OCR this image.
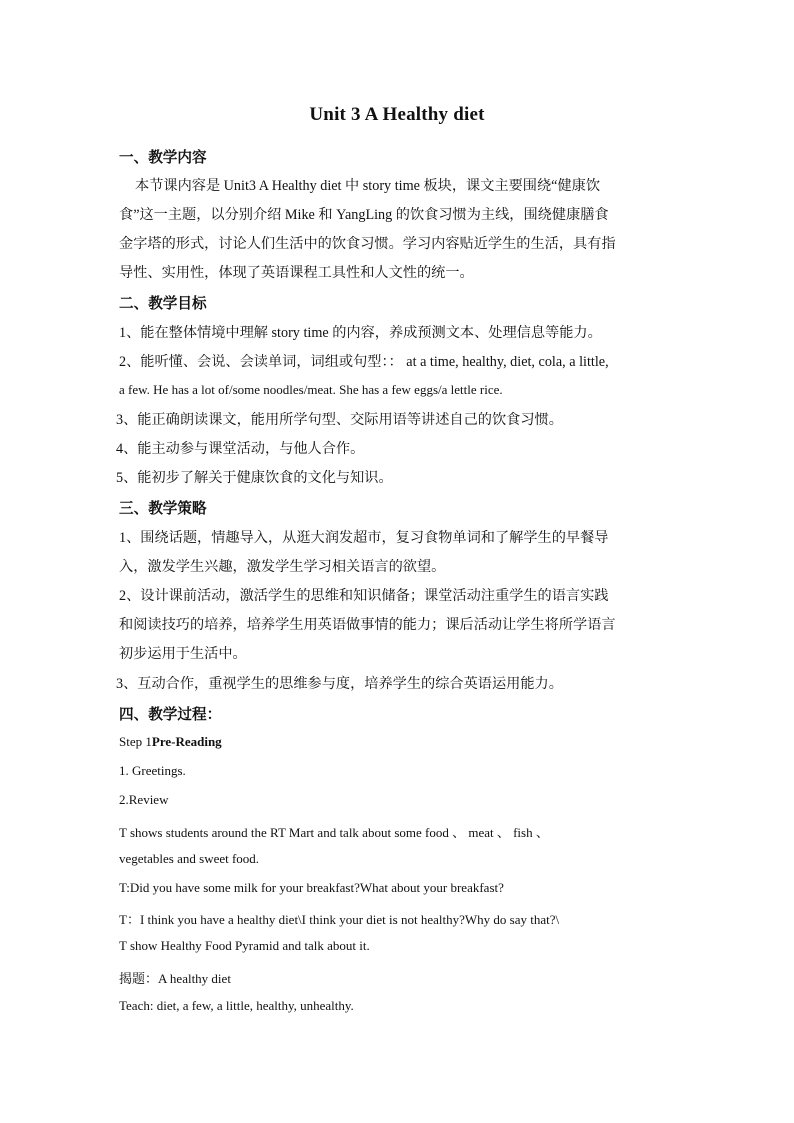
Unit 3 A Healthy diet
一、教学内容
本节课内容是 Unit3 A Healthy diet 中 story time 板块，课文主要围绕“健康饮
食”这一主题，以分别介绍 Mike 和 YangLing 的饮食习惯为主线，围绕健康膳食
金字塔的形式，讨论人们生活中的饮食习惯。学习内容贴近学生的生活，具有指
导性、实用性，体现了英语课程工具性和人文性的统一。
二、教学目标
1、能在整体情境中理解 story time 的内容，养成预测文本、处理信息等能力。
2、能听懂、会说、会读单词，词组或句型：： at a time, healthy, diet, cola, a little,
a few. He has a lot of/some noodles/meat. She has a few eggs/a lettle rice.
3、能正确朗读课文，能用所学句型、交际用语等讲述自己的饮食习惯。
4、能主动参与课堂活动，与他人合作。
5、能初步了解关于健康饮食的文化与知识。
三、教学策略
1、围绕话题，情趣导入，从逛大润发超市，复习食物单词和了解学生的早餐导
入，激发学生兴趣，激发学生学习相关语言的欲望。
2、设计课前活动，激活学生的思维和知识储备；课堂活动注重学生的语言实践
和阅读技巧的培养，培养学生用英语做事情的能力；课后活动让学生将所学语言
初步运用于生活中。
3、互动合作，重视学生的思维参与度，培养学生的综合英语运用能力。
四、教学过程：
Step 1Pre-Reading
1. Greetings.
2.Review
T shows students around the RT Mart and talk about some food 、 meat 、 fish 、
vegetables and sweet food.
T:Did you have some milk for your breakfast?What about your breakfast?
T：I think you have a healthy diet\I think your diet is not healthy?Why do say that?\
T show Healthy Food Pyramid and talk about it.
揭题：A healthy diet
Teach: diet, a few, a little, healthy, unhealthy.
